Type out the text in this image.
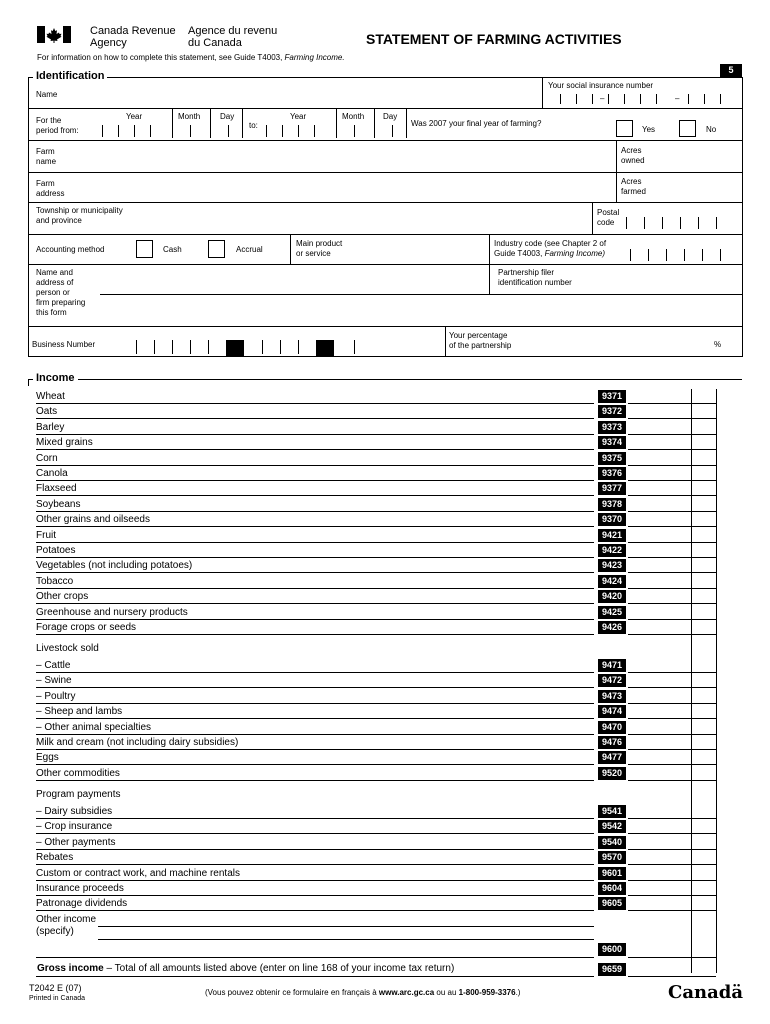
Canada Revenue
Agency
Agence du revenu
du Canada	STATEMENT OF FARMING ACTIVITIES
For information on how to complete this statement, see Guide T4003, Farming Income.
5
Identification
Name
Your social insurance number
–	–
For the
period from:
Year	Month Day
to:
Year	Month Day
Was 2007 your final year of farming?
Yes	No
Farm
name
Acres
owned
Farm
address
Acres
farmed
Township or municipality
and province
Postal
code
Accounting method	Cash	Accrual
Main product
or service
Industry code (see Chapter 2 of
Guide T4003, Farming Income)
Name and
address of
person or
firm preparing
this form
Partnership filer
identification number
Business Number
Your percentage
of the partnership	%
Income
Wheat	9371
Oats	9372
Barley	9373
Mixed grains	9374
Corn	9375
Canola	9376
Flaxseed	9377
Soybeans	9378
Other grains and oilseeds	9370
Fruit	9421
Potatoes	9422
Vegetables (not including potatoes)	9423
Tobacco	9424
Other crops	9420
Greenhouse and nursery products	9425
Forage crops or seeds	9426
Livestock sold
– Cattle	9471
– Swine	9472
– Poultry	9473
– Sheep and lambs	9474
– Other animal specialties	9470
Milk and cream (not including dairy subsidies)	9476
Eggs	9477
Other commodities	9520
Program payments
– Dairy subsidies	9541
– Crop insurance	9542
– Other payments	9540
Rebates	9570
Custom or contract work, and machine rentals	9601
Insurance proceeds	9604
Patronage dividends	9605
Other income
(specify)
9600
Gross income – Total of all amounts listed above (enter on line 168 of your income tax return)	9659
T2042 E (07)
Printed in Canada
(Vous pouvez obtenir ce formulaire en français à www.arc.gc.ca ou au 1-800-959-3376.)	Canadä
